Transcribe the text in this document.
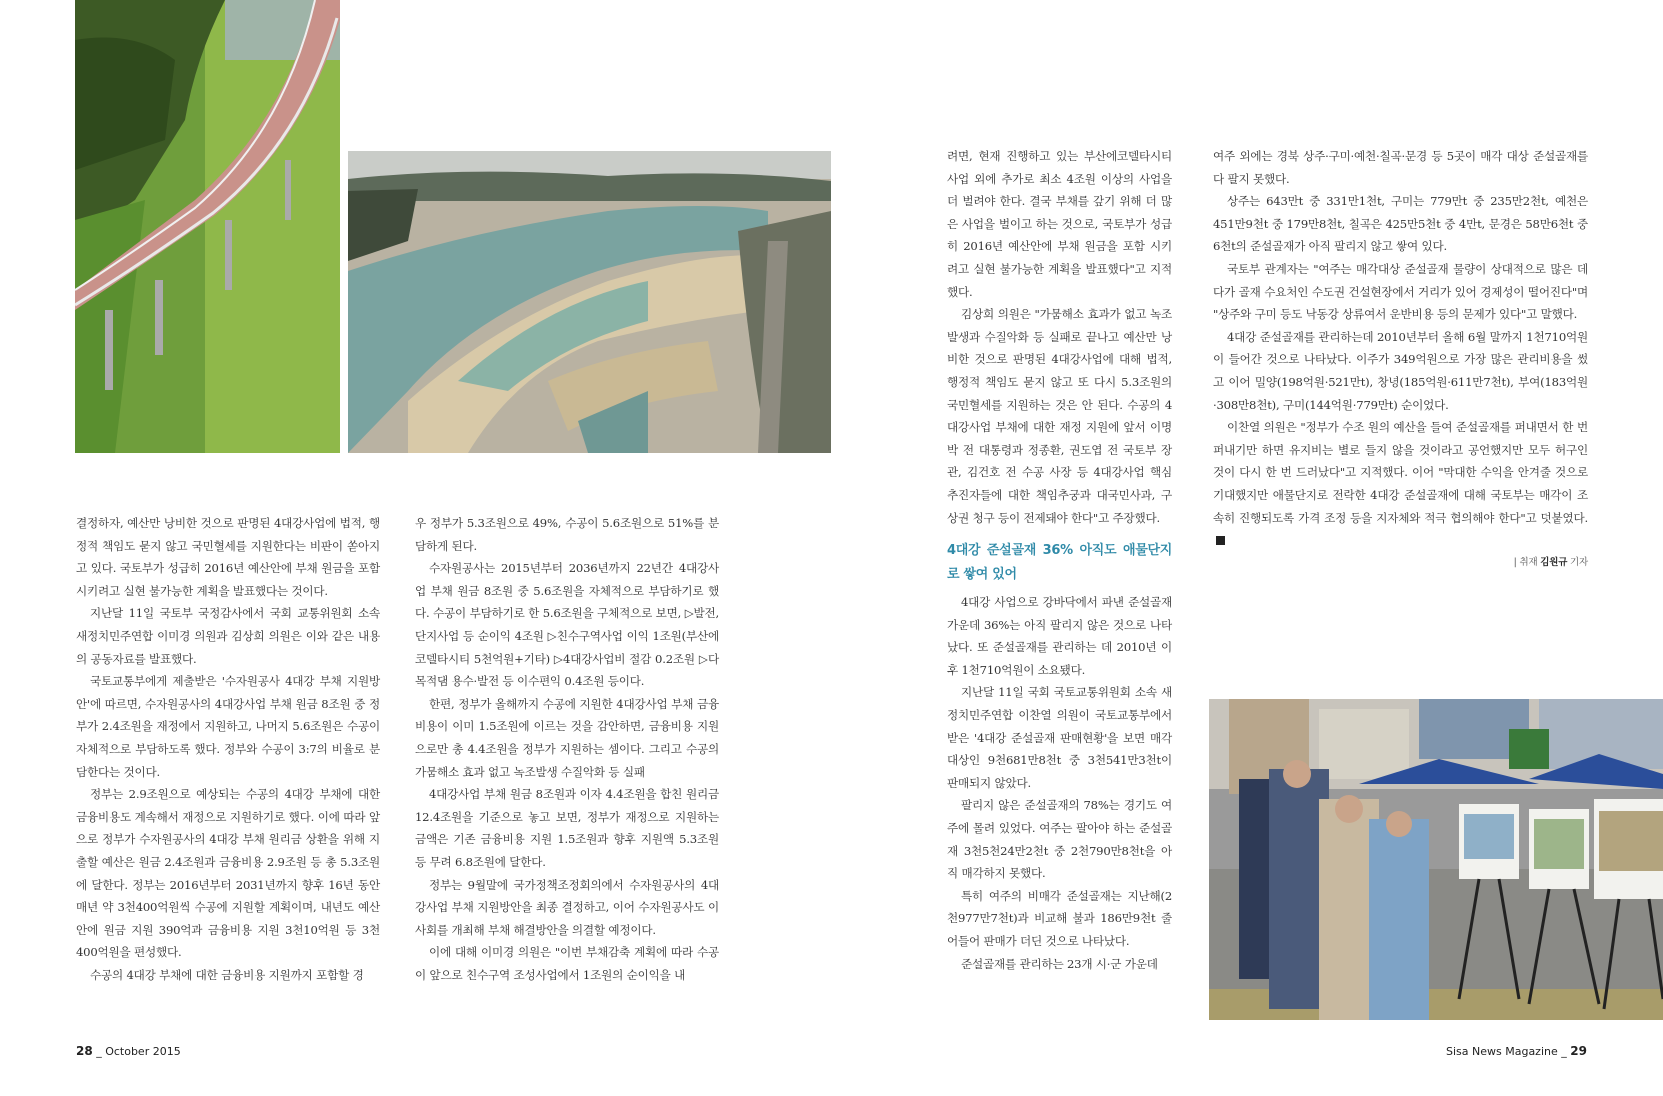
결정하자, 예산만 낭비한 것으로 판명된 4대강사업에 법적, 행정적 책임도 묻지 않고 국민혈세를 지원한다는 비판이 쏟아지고 있다. 국토부가 성급히 2016년 예산안에 부채 원금을 포함 시키려고 실현 불가능한 계획을 발표했다는 것이다.

지난달 11일 국토부 국정감사에서 국회 교통위원회 소속 새정치민주연합 이미경 의원과 김상희 의원은 이와 같은 내용의 공동자료를 발표했다.

국토교통부에게 제출받은 '수자원공사 4대강 부채 지원방안'에 따르면, 수자원공사의 4대강사업 부채 원금 8조원 중 정부가 2.4조원을 재정에서 지원하고, 나머지 5.6조원은 수공이 자체적으로 부담하도록 했다. 정부와 수공이 3:7의 비율로 분담한다는 것이다.

정부는 2.9조원으로 예상되는 수공의 4대강 부채에 대한 금융비용도 계속해서 재정으로 지원하기로 했다. 이에 따라 앞으로 정부가 수자원공사의 4대강 부채 원리금 상환을 위해 지출할 예산은 원금 2.4조원과 금융비용 2.9조원 등 총 5.3조원에 달한다. 정부는 2016년부터 2031년까지 향후 16년 동안 매년 약 3천400억원씩 수공에 지원할 계획이며, 내년도 예산안에 원금 지원 390억과 금융비용 지원 3천10억원 등 3천400억원을 편성했다.

수공의 4대강 부채에 대한 금융비용 지원까지 포함할 경

우 정부가 5.3조원으로 49%, 수공이 5.6조원으로 51%를 분담하게 된다.

수자원공사는 2015년부터 2036년까지 22년간 4대강사업 부채 원금 8조원 중 5.6조원을 자체적으로 부담하기로 했다. 수공이 부담하기로 한 5.6조원을 구체적으로 보면, ▷발전, 단지사업 등 순이익 4조원 ▷친수구역사업 이익 1조원(부산에코델타시티 5천억원+기타) ▷4대강사업비 절감 0.2조원 ▷다목적댐 용수·발전 등 이수편익 0.4조원 등이다.

한편, 정부가 올해까지 수공에 지원한 4대강사업 부채 금융비용이 이미 1.5조원에 이르는 것을 감안하면, 금융비용 지원으로만 총 4.4조원을 정부가 지원하는 셈이다. 그리고 수공의 가뭄해소 효과 없고 녹조발생 수질악화 등 실패

4대강사업 부채 원금 8조원과 이자 4.4조원을 합친 원리금 12.4조원을 기준으로 놓고 보면, 정부가 재정으로 지원하는 금액은 기존 금융비용 지원 1.5조원과 향후 지원액 5.3조원 등 무려 6.8조원에 달한다.

정부는 9월말에 국가정책조정회의에서 수자원공사의 4대강사업 부채 지원방안을 최종 결정하고, 이어 수자원공사도 이사회를 개최해 부채 해결방안을 의결할 예정이다.

이에 대해 이미경 의원은 "이번 부채감축 계획에 따라 수공이 앞으로 친수구역 조성사업에서 1조원의 순이익을 내

려면, 현재 진행하고 있는 부산에코델타시티사업 외에 추가로 최소 4조원 이상의 사업을 더 벌려야 한다. 결국 부채를 갚기 위해 더 많은 사업을 벌이고 하는 것으로, 국토부가 성급히 2016년 예산안에 부채 원금을 포함 시키려고 실현 불가능한 계획을 발표했다"고 지적했다.

김상희 의원은 "가뭄해소 효과가 없고 녹조발생과 수질악화 등 실패로 끝나고 예산만 낭비한 것으로 판명된 4대강사업에 대해 법적, 행정적 책임도 묻지 않고 또 다시 5.3조원의 국민혈세를 지원하는 것은 안 된다. 수공의 4대강사업 부채에 대한 재정 지원에 앞서 이명박 전 대통령과 정종환, 권도엽 전 국토부 장관, 김건호 전 수공 사장 등 4대강사업 핵심 추진자들에 대한 책임추궁과 대국민사과, 구상권 청구 등이 전제돼야 한다"고 주장했다.

4대강 준설골재 36% 아직도 애물단지로 쌓여 있어

4대강 사업으로 강바닥에서 파낸 준설골재 가운데 36%는 아직 팔리지 않은 것으로 나타났다. 또 준설골재를 관리하는 데 2010년 이후 1천710억원이 소요됐다.

지난달 11일 국회 국토교통위원회 소속 새정치민주연합 이찬열 의원이 국토교통부에서 받은 '4대강 준설골재 판매현황'을 보면 매각 대상인 9천681만8천t 중 3천541만3천t이 판매되지 않았다.

팔리지 않은 준설골재의 78%는 경기도 여주에 몰려 있었다. 여주는 팔아야 하는 준설골재 3천5천24만2천t 중 2천790만8천t을 아직 매각하지 못했다.

특히 여주의 비매각 준설골재는 지난해(2천977만7천t)과 비교해 불과 186만9천t 줄어들어 판매가 더딘 것으로 나타났다.

준설골재를 관리하는 23개 시·군 가운데

여주 외에는 경북 상주·구미·예천·칠곡·문경 등 5곳이 매각 대상 준설골재를 다 팔지 못했다.

상주는 643만t 중 331만1천t, 구미는 779만t 중 235만2천t, 예천은 451만9천t 중 179만8천t, 칠곡은 425만5천t 중 4만t, 문경은 58만6천t 중 6천t의 준설골재가 아직 팔리지 않고 쌓여 있다.

국토부 관계자는 "여주는 매각대상 준설골재 물량이 상대적으로 많은 데다가 골재 수요처인 수도권 건설현장에서 거리가 있어 경제성이 떨어진다"며 "상주와 구미 등도 낙동강 상류여서 운반비용 등의 문제가 있다"고 말했다.

4대강 준설골재를 관리하는데 2010년부터 올해 6월 말까지 1천710억원이 들어간 것으로 나타났다. 이주가 349억원으로 가장 많은 관리비용을 썼고 이어 밀양(198억원·521만t), 창녕(185억원·611만7천t), 부여(183억원·308만8천t), 구미(144억원·779만t) 순이었다.

이찬열 의원은 "정부가 수조 원의 예산을 들여 준설골재를 퍼내면서 한 번 퍼내기만 하면 유지비는 별로 들지 않을 것이라고 공언했지만 모두 허구인 것이 다시 한 번 드러났다"고 지적했다. 이어 "막대한 수익을 안겨줄 것으로 기대했지만 애물단지로 전락한 4대강 준설골재에 대해 국토부는 매각이 조속히 진행되도록 가격 조정 등을 지자체와 적극 협의해야 한다"고 덧붙였다.

| 취재 김원규 기자

28 _ October 2015	Sisa News Magazine _ 29
